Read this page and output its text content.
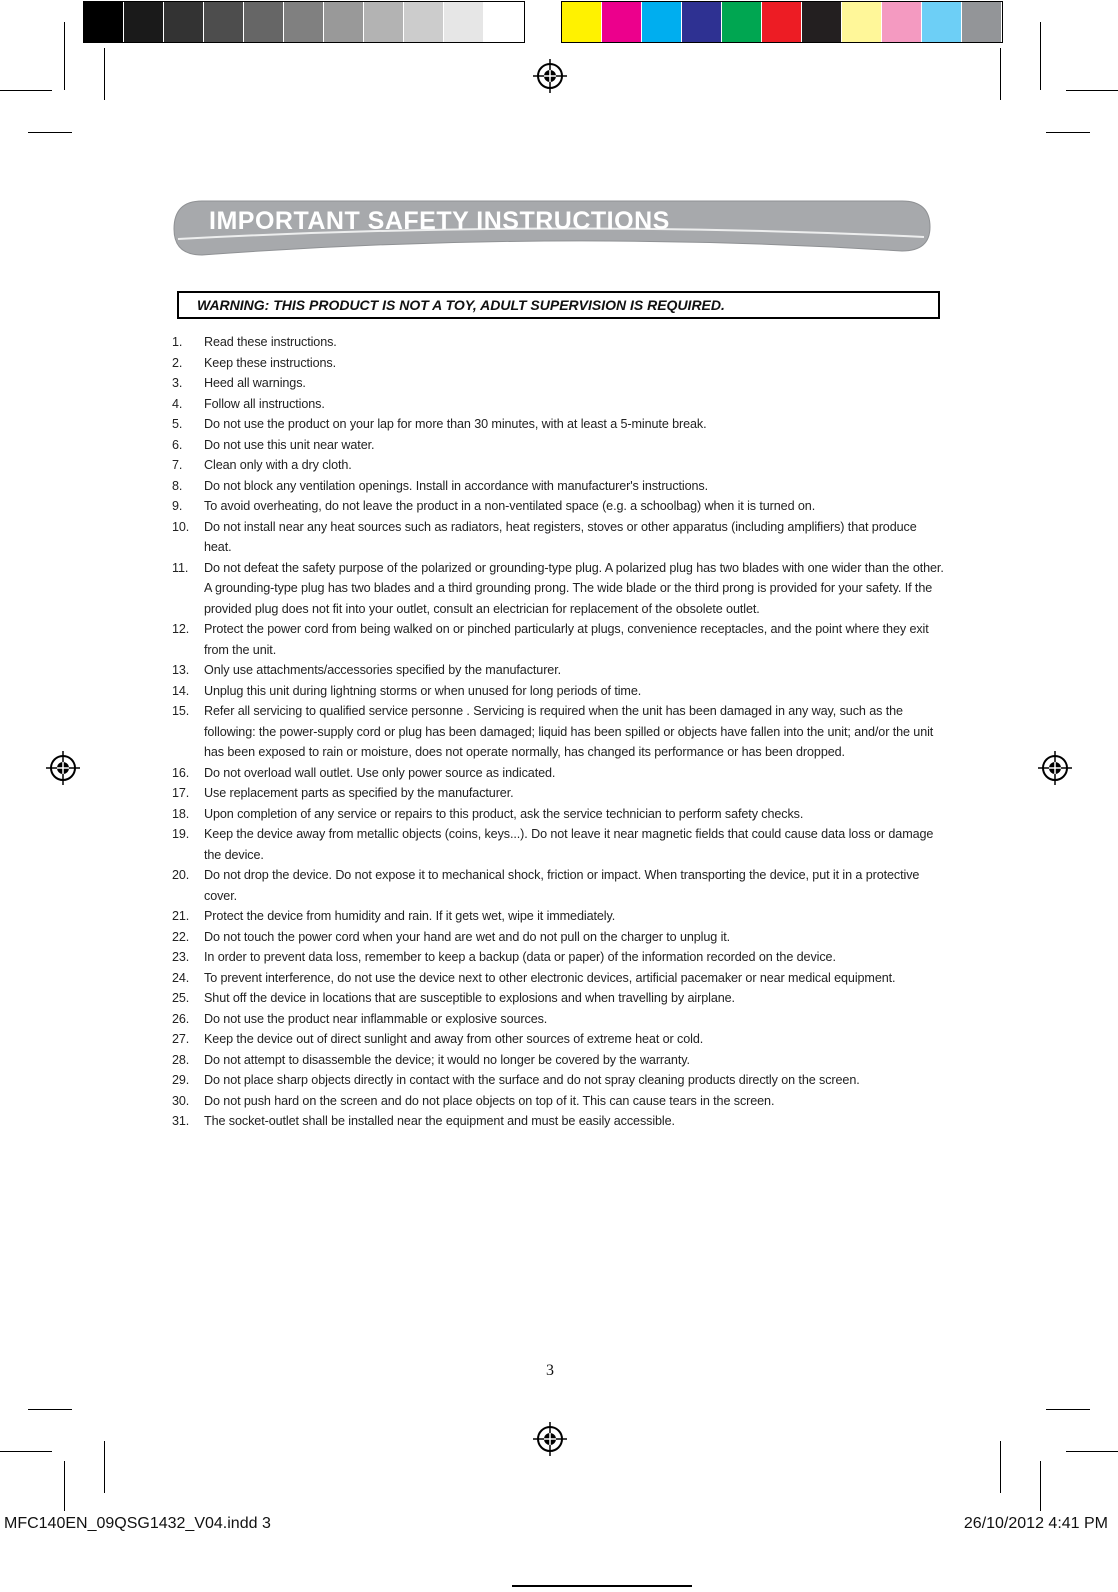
IMPORTANT SAFETY INSTRUCTIONS
WARNING: THIS PRODUCT IS NOT A TOY, ADULT SUPERVISION IS REQUIRED.
1. Read these instructions.
2. Keep these instructions.
3. Heed all warnings.
4. Follow all instructions.
5. Do not use the product on your lap for more than 30 minutes, with at least a 5-minute break.
6. Do not use this unit near water.
7. Clean only with a dry cloth.
8. Do not block any ventilation openings. Install in accordance with manufacturer's instructions.
9. To avoid overheating, do not leave the product in a non-ventilated space (e.g. a schoolbag) when it is turned on.
10. Do not install near any heat sources such as radiators, heat registers, stoves or other apparatus (including amplifiers) that produce heat.
11. Do not defeat the safety purpose of the polarized or grounding-type plug. A polarized plug has two blades with one wider than the other. A grounding-type plug has two blades and a third grounding prong. The wide blade or the third prong is provided for your safety. If the provided plug does not fit into your outlet, consult an electrician for replacement of the obsolete outlet.
12. Protect the power cord from being walked on or pinched particularly at plugs, convenience receptacles, and the point where they exit from the unit.
13. Only use attachments/accessories specified by the manufacturer.
14. Unplug this unit during lightning storms or when unused for long periods of time.
15. Refer all servicing to qualified service personne . Servicing is required when the unit has been damaged in any way, such as the following: the power-supply cord or plug has been damaged; liquid has been spilled or objects have fallen into the unit; and/or the unit has been exposed to rain or moisture, does not operate normally, has changed its performance or has been dropped.
16. Do not overload wall outlet. Use only power source as indicated.
17. Use replacement parts as specified by the manufacturer.
18. Upon completion of any service or repairs to this product, ask the service technician to perform safety checks.
19. Keep the device away from metallic objects (coins, keys...). Do not leave it near magnetic fields that could cause data loss or damage the device.
20. Do not drop the device. Do not expose it to mechanical shock, friction or impact. When transporting the device, put it in a protective cover.
21. Protect the device from humidity and rain. If it gets wet, wipe it immediately.
22. Do not touch the power cord when your hand are wet and do not pull on the charger to unplug it.
23. In order to prevent data loss, remember to keep a backup (data or paper) of the information recorded on the device.
24. To prevent interference, do not use the device next to other electronic devices, artificial pacemaker or near medical equipment.
25. Shut off the device in locations that are susceptible to explosions and when travelling by airplane.
26. Do not use the product near inflammable or explosive sources.
27. Keep the device out of direct sunlight and away from other sources of extreme heat or cold.
28. Do not attempt to disassemble the device; it would no longer be covered by the warranty.
29. Do not place sharp objects directly in contact with the surface and do not spray cleaning products directly on the screen.
30. Do not push hard on the screen and do not place objects on top of it. This can cause tears in the screen.
31. The socket-outlet shall be installed near the equipment and must be easily accessible.
3
MFC140EN_09QSG1432_V04.indd 3	26/10/2012 4:41 PM
